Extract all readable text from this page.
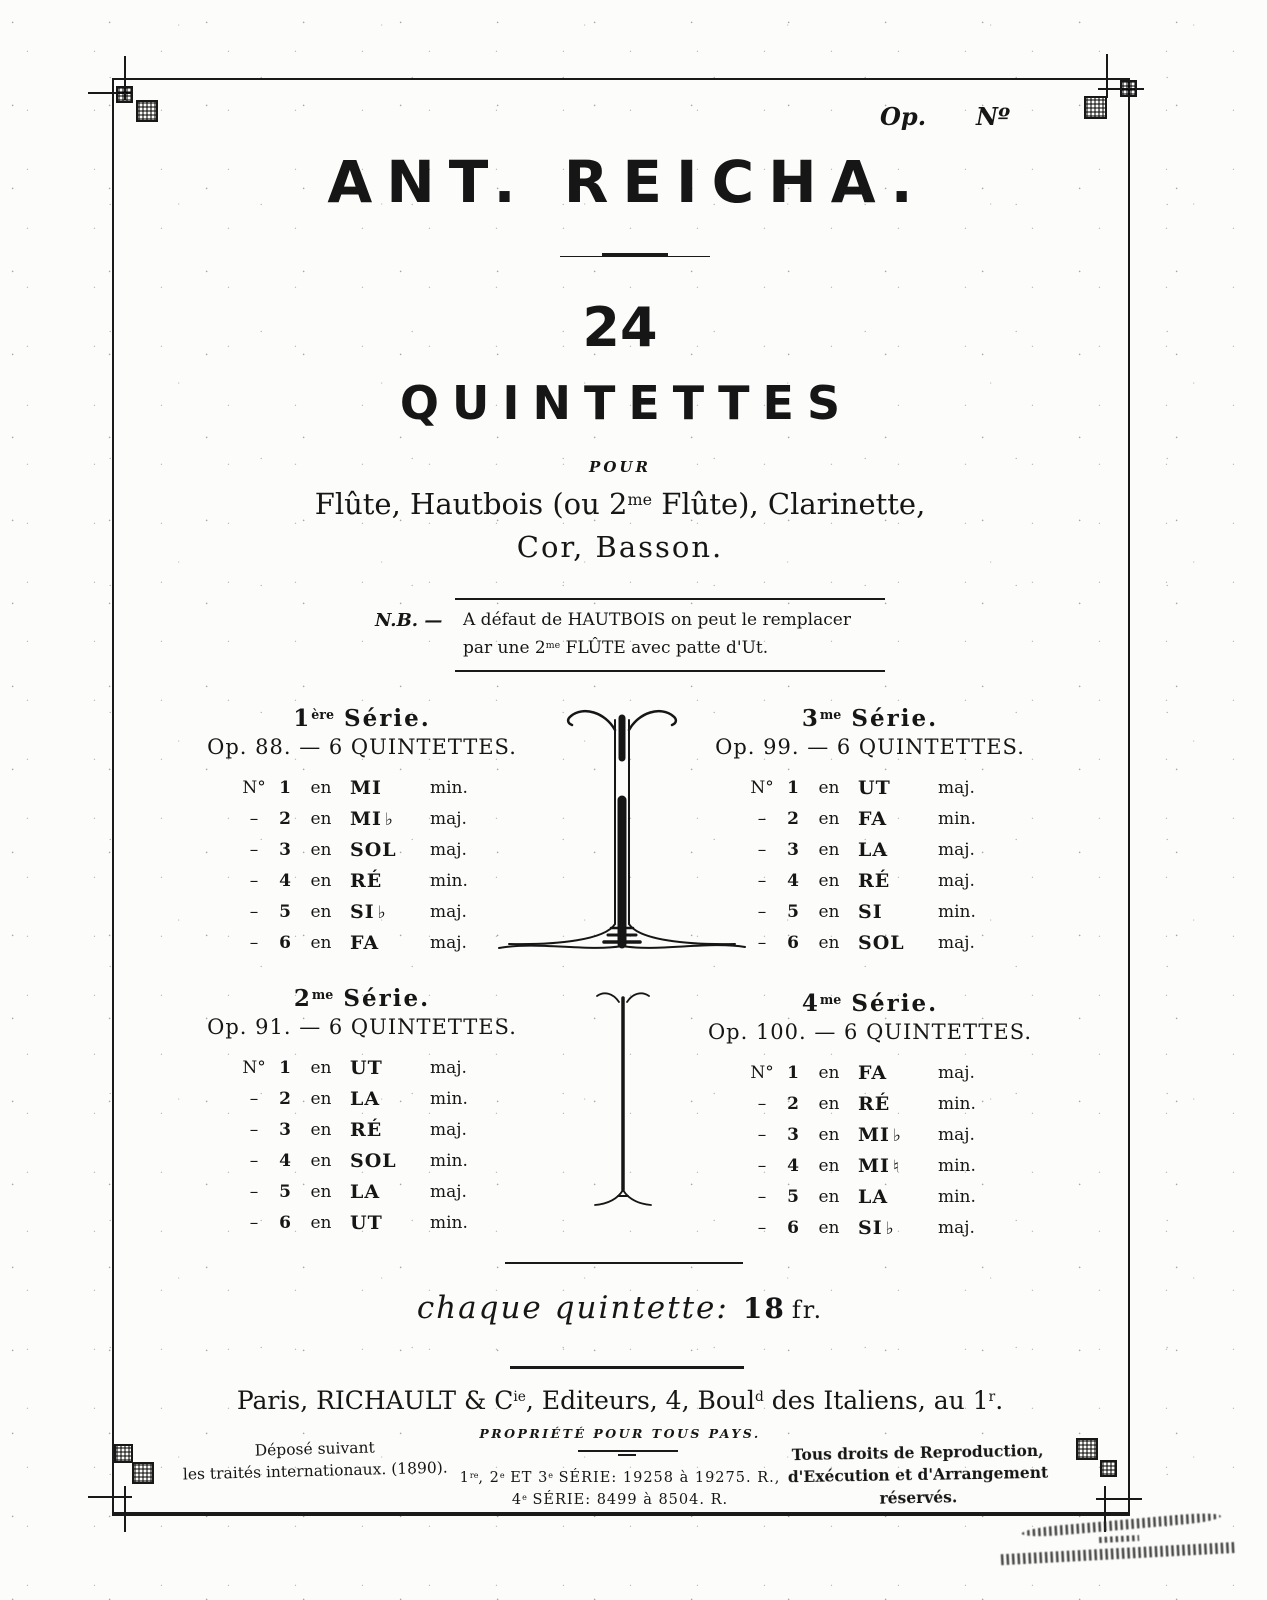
Op. Nº
ANT. REICHA.
24
QUINTETTES
POUR
Flûte, Hautbois (ou 2me Flûte), Clarinette,
Cor, Basson.
N.B. —	A défaut de HAUTBOIS on peut le remplacer
par une 2me FLÛTE avec patte d'Ut.
1ère Série.
Op. 88. — 6 QUINTETTES.
N° 1	en MI	min.
–	2	en MI ♭	maj.
–	3	en SOL	maj.
–	4	en RÉ	min.
–	5	en SI ♭	maj.
–	6	en FA	maj.
3me Série.
Op. 99. — 6 QUINTETTES.
N° 1	en UT	maj.
–	2	en FA	min.
–	3	en LA	maj.
–	4	en RÉ	maj.
–	5	en SI	min.
–	6	en SOL	maj.
2me Série.
Op. 91. — 6 QUINTETTES.
N° 1	en UT	maj.
–	2	en LA	min.
–	3	en RÉ	maj.
–	4	en SOL	min.
–	5	en LA	maj.
–	6	en UT	min.
4me Série.
Op. 100. — 6 QUINTETTES.
N° 1	en FA	maj.
–	2	en RÉ	min.
–	3	en MI ♭	maj.
–	4	en MI ♮	min.
–	5	en LA	min.
–	6	en SI ♭	maj.
chaque quintette: 18 fr.
Paris, RICHAULT & Cie, Editeurs, 4, Bould des Italiens, au 1r.
PROPRIÉTÉ POUR TOUS PAYS.
Déposé suivant
les traités internationaux. (1890).
Tous droits de Reproduction,
d'Exécution et d'Arrangement réservés.
1re, 2e ET 3e SÉRIE: 19258 à 19275. R.,
4e SÉRIE: 8499 à 8504. R.
